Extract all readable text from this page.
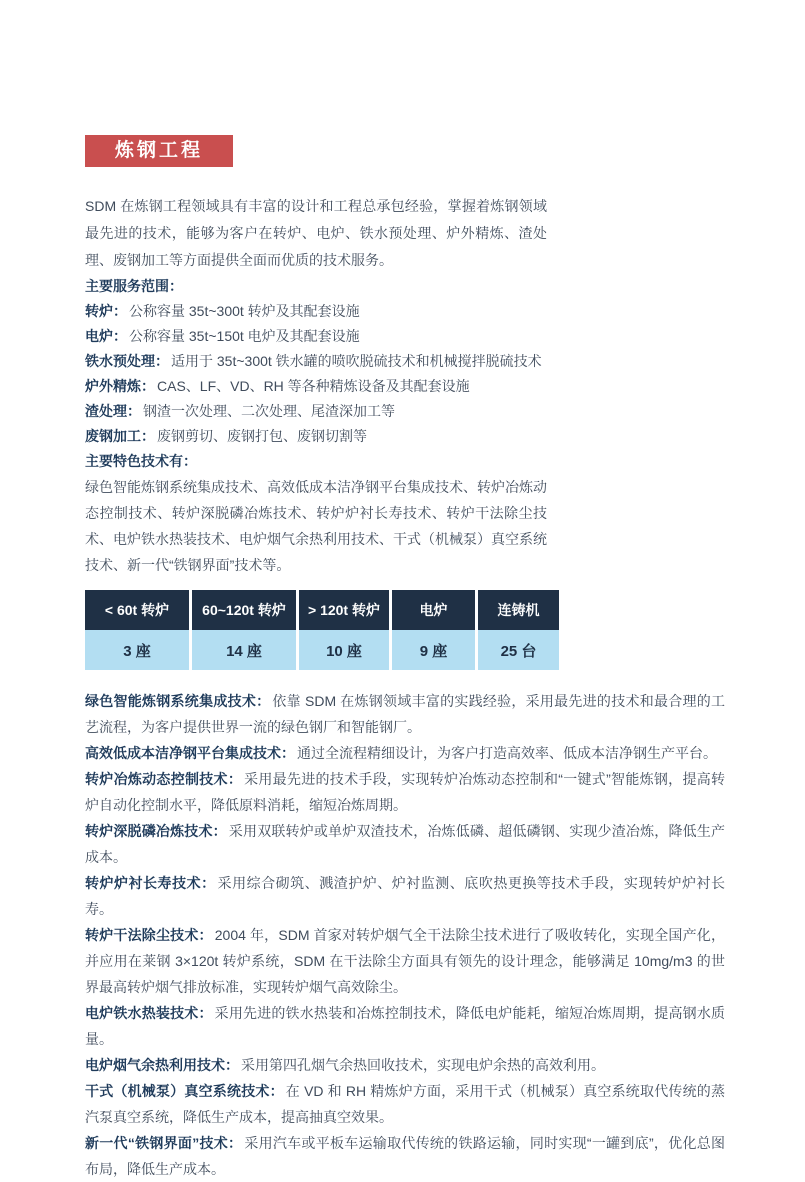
炼钢工程

SDM 在炼钢工程领域具有丰富的设计和工程总承包经验，掌握着炼钢领域最先进的技术，能够为客户在转炉、电炉、铁水预处理、炉外精炼、渣处理、废钢加工等方面提供全面而优质的技术服务。

主要服务范围：
转炉： 公称容量 35t~300t 转炉及其配套设施
电炉： 公称容量 35t~150t 电炉及其配套设施
铁水预处理： 适用于 35t~300t 铁水罐的喷吹脱硫技术和机械搅拌脱硫技术
炉外精炼： CAS、LF、VD、RH 等各种精炼设备及其配套设施
渣处理： 钢渣一次处理、二次处理、尾渣深加工等
废钢加工： 废钢剪切、废钢打包、废钢切割等
主要特色技术有：

绿色智能炼钢系统集成技术、高效低成本洁净钢平台集成技术、转炉冶炼动态控制技术、转炉深脱磷冶炼技术、转炉炉衬长寿技术、转炉干法除尘技术、电炉铁水热装技术、电炉烟气余热利用技术、干式（机械泵）真空系统技术、新一代“铁钢界面”技术等。

< 60t 转炉	60~120t 转炉	> 120t 转炉	电炉	连铸机
3 座	14 座	10 座	9 座	25 台

绿色智能炼钢系统集成技术： 依靠 SDM 在炼钢领域丰富的实践经验，采用最先进的技术和最合理的工艺流程，为客户提供世界一流的绿色钢厂和智能钢厂。

高效低成本洁净钢平台集成技术： 通过全流程精细设计，为客户打造高效率、低成本洁净钢生产平台。

转炉冶炼动态控制技术： 采用最先进的技术手段，实现转炉冶炼动态控制和“一键式”智能炼钢，提高转炉自动化控制水平，降低原料消耗，缩短冶炼周期。

转炉深脱磷冶炼技术： 采用双联转炉或单炉双渣技术，冶炼低磷、超低磷钢、实现少渣冶炼，降低生产成本。

转炉炉衬长寿技术： 采用综合砌筑、溅渣护炉、炉衬监测、底吹热更换等技术手段，实现转炉炉衬长寿。

转炉干法除尘技术： 2004 年，SDM 首家对转炉烟气全干法除尘技术进行了吸收转化，实现全国产化，并应用在莱钢 3×120t 转炉系统，SDM 在干法除尘方面具有领先的设计理念，能够满足 10mg/m3 的世界最高转炉烟气排放标准，实现转炉烟气高效除尘。

电炉铁水热装技术： 采用先进的铁水热装和冶炼控制技术，降低电炉能耗，缩短冶炼周期，提高钢水质量。

电炉烟气余热利用技术： 采用第四孔烟气余热回收技术，实现电炉余热的高效利用。

干式（机械泵）真空系统技术： 在 VD 和 RH 精炼炉方面，采用干式（机械泵）真空系统取代传统的蒸汽泵真空系统，降低生产成本，提高抽真空效果。

新一代“铁钢界面”技术： 采用汽车或平板车运输取代传统的铁路运输，同时实现“一罐到底”，优化总图布局，降低生产成本。
